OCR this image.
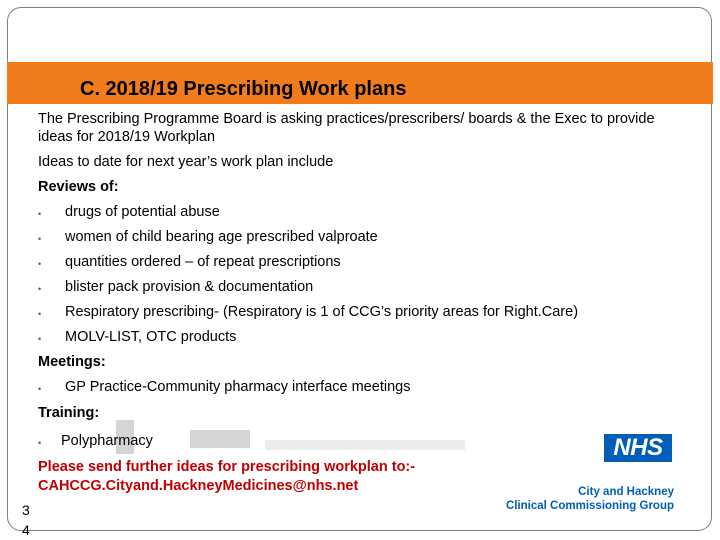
C. 2018/19 Prescribing Work plans
The Prescribing Programme Board is asking practices/prescribers/ boards & the Exec to provide ideas for 2018/19 Workplan
Ideas to date for next year’s work plan include
Reviews of:
• drugs of potential abuse
• women of child bearing age prescribed valproate
• quantities ordered – of repeat prescriptions
• blister pack provision & documentation
• Respiratory prescribing- (Respiratory is 1 of CCG’s priority areas for Right.Care)
• MOLV-LIST, OTC products
Meetings:
• GP Practice-Community pharmacy interface meetings
Training:
• Polypharmacy
Please send further ideas for prescribing workplan to:-
CAHCCG.Cityand.HackneyMedicines@nhs.net
34
NHS
City and Hackney
Clinical Commissioning Group
